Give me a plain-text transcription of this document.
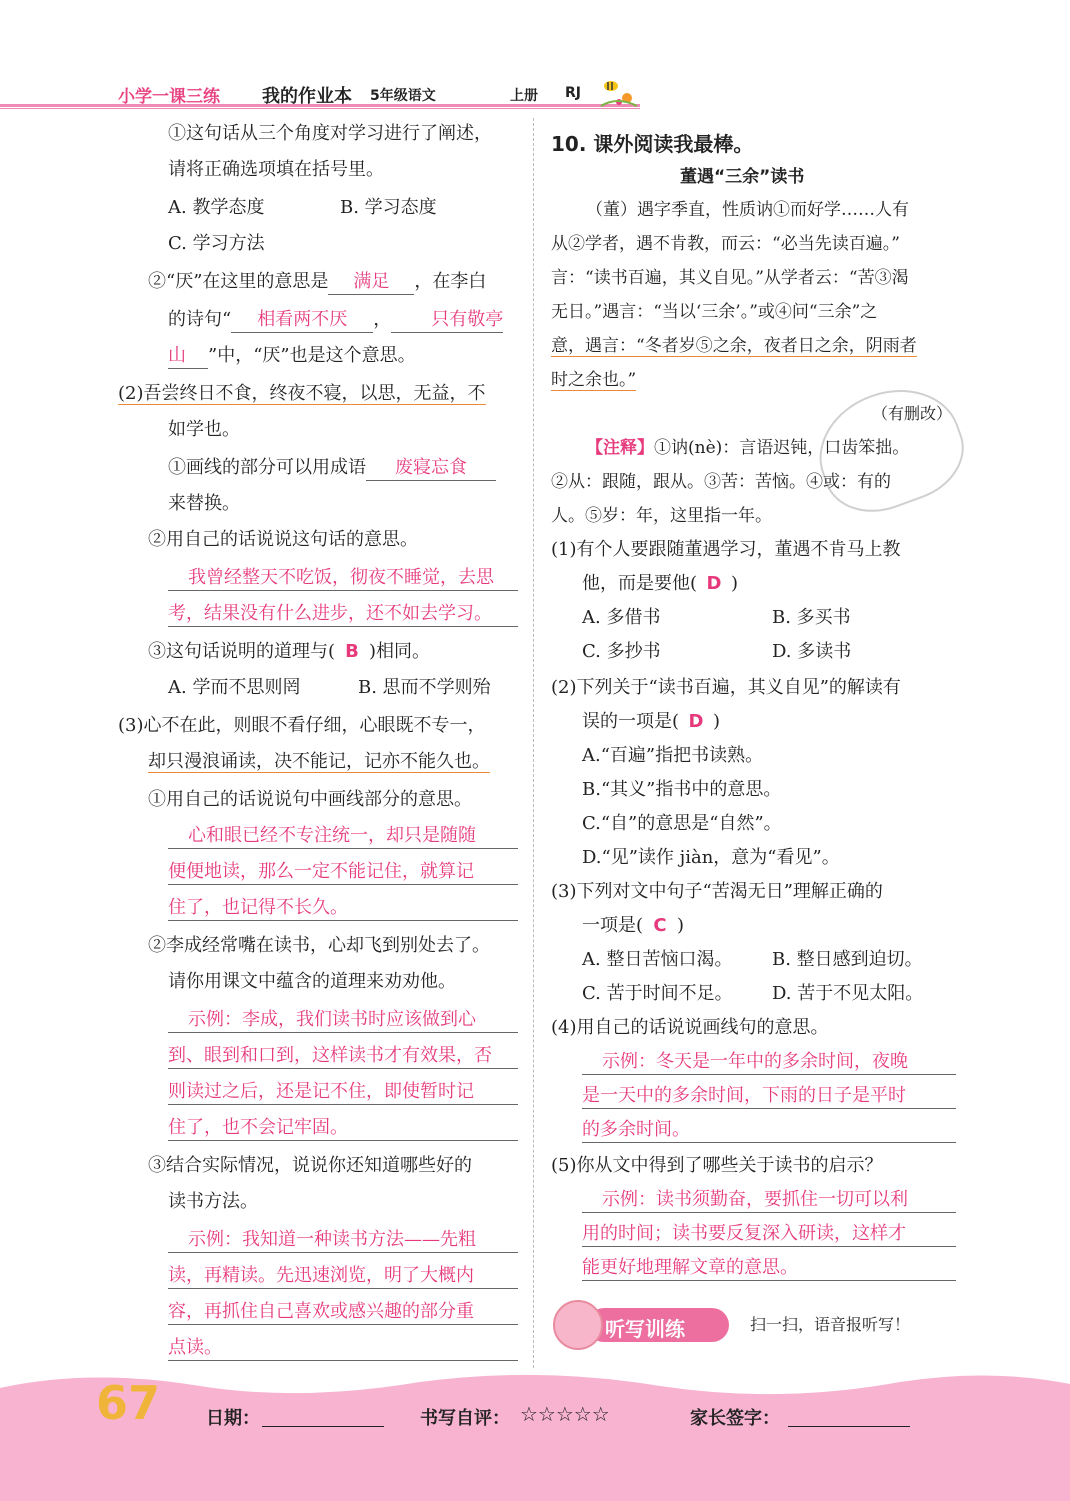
小学一课三练 我的作业本 5年级语文	上册 RJ
①这句话从三个角度对学习进行了阐述，
请将正确选项填在括号里。
A. 教学态度	B. 学习态度
C. 学习方法
②“厌”在这里的意思是 满足 ，在李白
的诗句“ 相看两不厌 ， 只有敬亭
山 ”中，“厌”也是这个意思。
(2)吾尝终日不食，终夜不寝，以思，无益，不
如学也。
①画线的部分可以用成语 废寝忘食
来替换。
②用自己的话说说这句话的意思。
我曾经整天不吃饭，彻夜不睡觉，去思
考，结果没有什么进步，还不如去学习。
③这句话说明的道理与( B )相同。
A. 学而不思则罔	B. 思而不学则殆
(3)心不在此，则眼不看仔细，心眼既不专一，
却只漫浪诵读，决不能记，记亦不能久也。
①用自己的话说说句中画线部分的意思。
心和眼已经不专注统一，却只是随随
便便地读，那么一定不能记住，就算记
住了，也记得不长久。
②李成经常嘴在读书，心却飞到别处去了。
请你用课文中蕴含的道理来劝劝他。
示例：李成，我们读书时应该做到心
到、眼到和口到，这样读书才有效果，否
则读过之后，还是记不住，即使暂时记
住了，也不会记牢固。
③结合实际情况，说说你还知道哪些好的
读书方法。
示例：我知道一种读书方法——先粗
读，再精读。先迅速浏览，明了大概内
容，再抓住自己喜欢或感兴趣的部分重
点读。
10. 课外阅读我最棒。
董遇“三余”读书
（董）遇字季直，性质讷①而好学……人有
从②学者，遇不肯教，而云：“必当先读百遍。”
言：“读书百遍，其义自见。”从学者云：“苦③渴
无日。”遇言：“当以‘三余’。”或④问“三余”之
意，遇言：“冬者岁⑤之余，夜者日之余，阴雨者
时之余也。”
（有删改）
【注释】①讷(nè)：言语迟钝，口齿笨拙。
②从：跟随，跟从。③苦：苦恼。④或：有的
人。⑤岁：年，这里指一年。
(1)有个人要跟随董遇学习，董遇不肯马上教
他，而是要他( D )
A. 多借书	B. 多买书
C. 多抄书	D. 多读书
(2)下列关于“读书百遍，其义自见”的解读有
误的一项是( D )
A.“百遍”指把书读熟。
B.“其义”指书中的意思。
C.“自”的意思是“自然”。
D.“见”读作 jiàn，意为“看见”。
(3)下列对文中句子“苦渴无日”理解正确的
一项是( C )
A. 整日苦恼口渴。 B. 整日感到迫切。
C. 苦于时间不足。 D. 苦于不见太阳。
(4)用自己的话说说画线句的意思。
示例：冬天是一年中的多余时间，夜晚
是一天中的多余时间，下雨的日子是平时
的多余时间。
(5)你从文中得到了哪些关于读书的启示？
示例：读书须勤奋，要抓住一切可以利
用的时间；读书要反复深入研读，这样才
能更好地理解文章的意思。
听写训练	扫一扫，语音报听写！
67	日期：	书写自评： ☆☆☆☆☆	家长签字：
